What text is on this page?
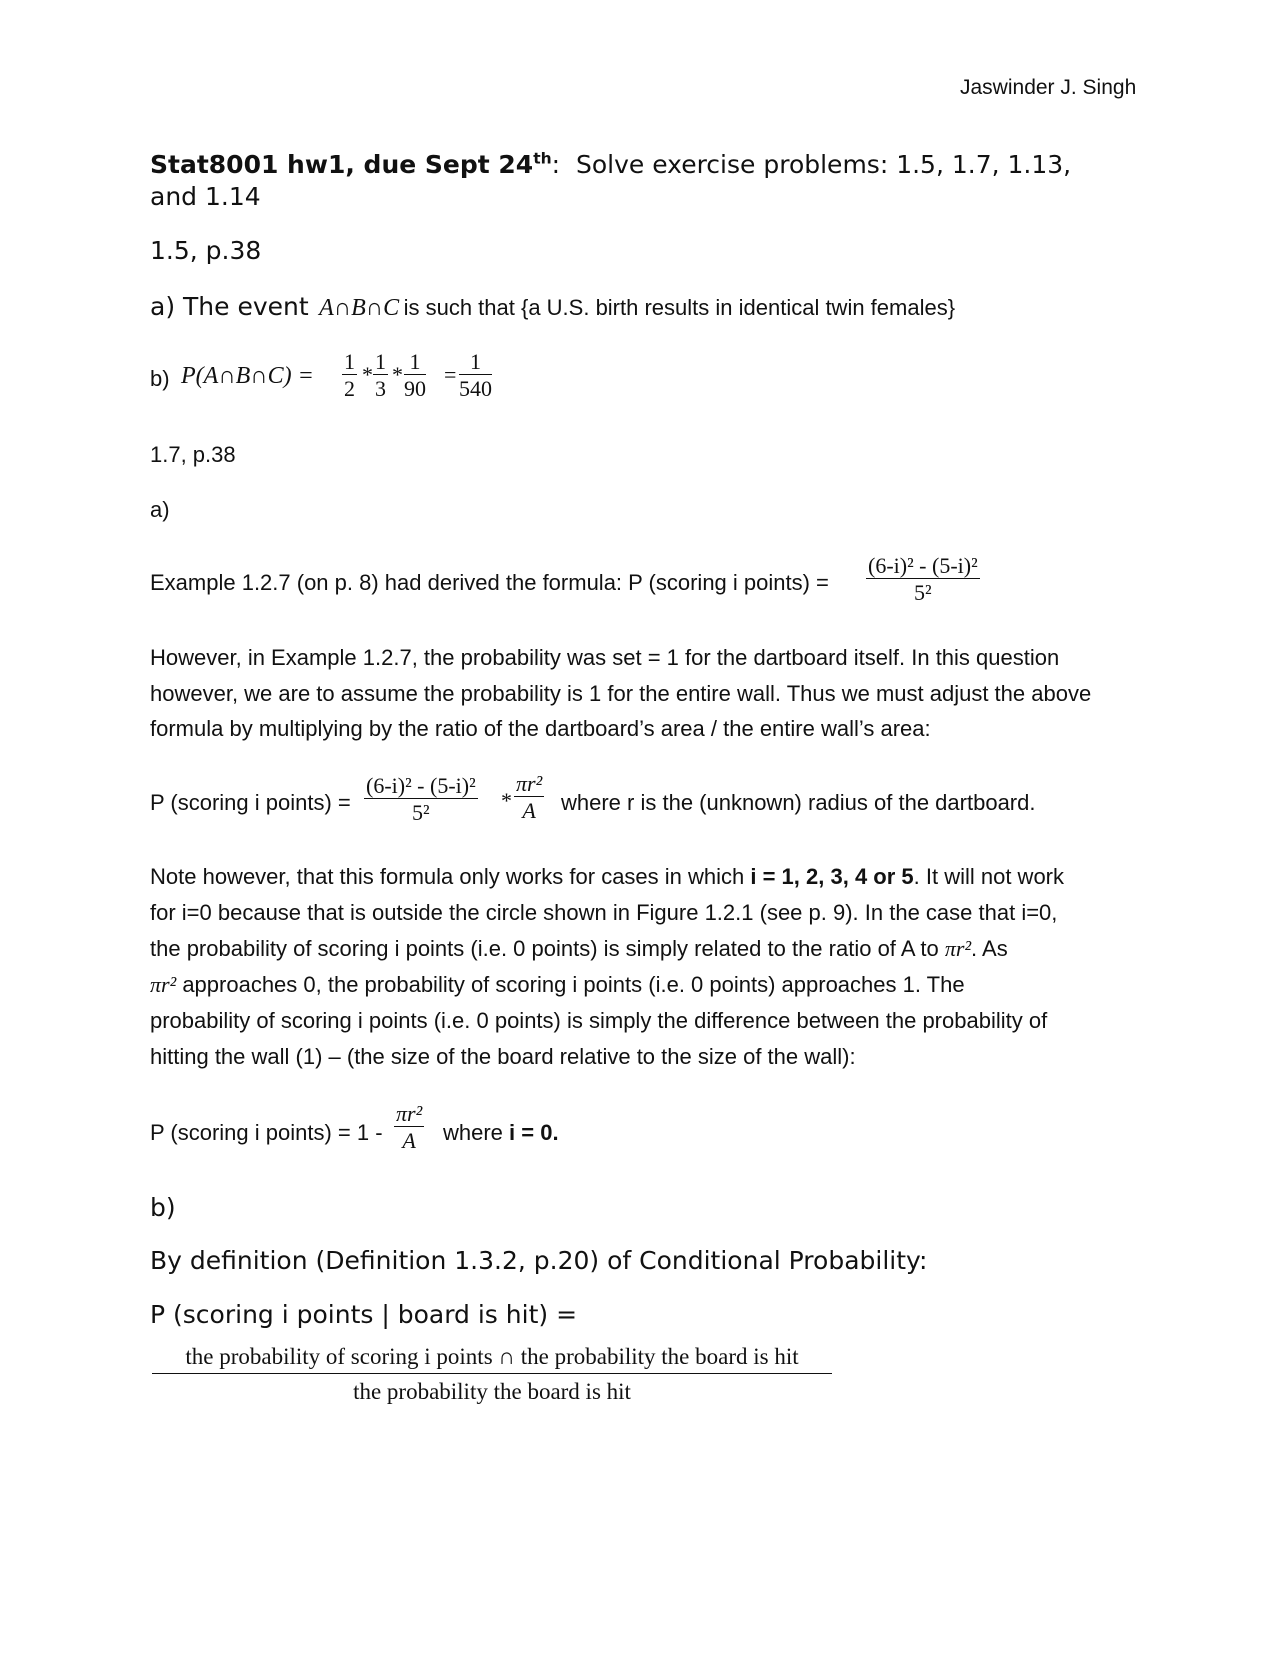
Jaswinder J. Singh
Stat8001 hw1, due Sept 24th: Solve exercise problems: 1.5, 1.7, 1.13,
and 1.14
1.5, p.38
a) The event A∩B∩C is such that {a U.S. birth results in identical twin females}
b) P(A∩B∩C) = $\frac{1}{2} * \frac{1}{3} * \frac{1}{90} = \frac{1}{540}$
1.7, p.38
a)
Example 1.2.7 (on p. 8) had derived the formula: P (scoring i points) = $\frac{\text{(6-i)² - (5-i)²}}{\text{5²}}$

However, in Example 1.2.7, the probability was set = 1 for the dartboard itself. In this question however, we are to assume the probability is 1 for the entire wall. Thus we must adjust the above formula by multiplying by the ratio of the dartboard’s area / the entire wall’s area:

P (scoring i points) = $\frac{\text{(6-i)² - (5-i)²}}{\text{5²}} * \frac{\text{πr²}}{A}$ where r is the (unknown) radius of the dartboard.
Note however, that this formula only works for cases in which i = 1, 2, 3, 4 or 5. It will not work
for i=0 because that is outside the circle shown in Figure 1.2.1 (see p. 9). In the case that i=0,
the probability of scoring i points (i.e. 0 points) is simply related to the ratio of A to πr². As
πr² approaches 0, the probability of scoring i points (i.e. 0 points) approaches 1. The
probability of scoring i points (i.e. 0 points) is simply the difference between the probability of
hitting the wall (1) – (the size of the board relative to the size of the wall):
P (scoring i points) = $1 - \frac{\text{πr²}}{A}$ where i = 0.
b)
By definition (Definition 1.3.2, p.20) of Conditional Probability:
P (scoring i points | board is hit) =
the probability of scoring i points ∩ the probability the board is hit
the probability the board is hit
